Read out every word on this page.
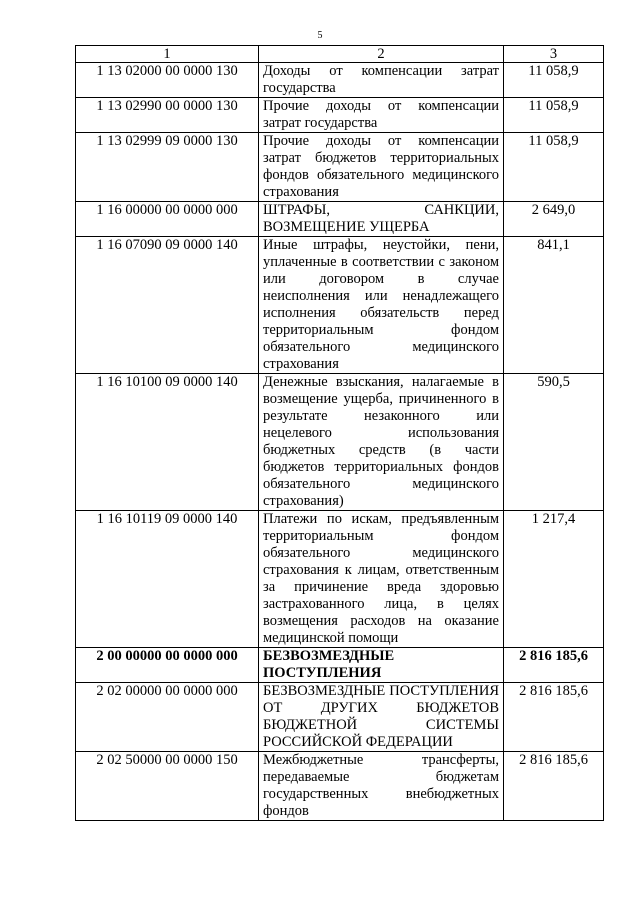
5
1	2	3
1 13 02000 00 0000 130	Доходы от компенсации затрат государства	11 058,9
1 13 02990 00 0000 130	Прочие доходы от компенсации затрат государства	11 058,9
1 13 02999 09 0000 130	Прочие доходы от компенсации затрат бюджетов территориальных фондов обязательного медицинского страхования	11 058,9
1 16 00000 00 0000 000	ШТРАФЫ, САНКЦИИ, ВОЗМЕЩЕНИЕ УЩЕРБА	2 649,0
1 16 07090 09 0000 140	Иные штрафы, неустойки, пени, уплаченные в соответствии с законом или договором в случае неисполнения или ненадлежащего исполнения обязательств перед территориальным фондом обязательного медицинского страхования	841,1
1 16 10100 09 0000 140	Денежные взыскания, налагаемые в возмещение ущерба, причиненного в результате незаконного или нецелевого использования бюджетных средств (в части бюджетов территориальных фондов обязательного медицинского страхования)	590,5
1 16 10119 09 0000 140	Платежи по искам, предъявленным территориальным фондом обязательного медицинского страхования к лицам, ответственным за причинение вреда здоровью застрахованного лица, в целях возмещения расходов на оказание медицинской помощи	1 217,4
2 00 00000 00 0000 000	БЕЗВОЗМЕЗДНЫЕ ПОСТУПЛЕНИЯ	2 816 185,6
2 02 00000 00 0000 000	БЕЗВОЗМЕЗДНЫЕ ПОСТУПЛЕНИЯ ОТ ДРУГИХ БЮДЖЕТОВ БЮДЖЕТНОЙ СИСТЕМЫ РОССИЙСКОЙ ФЕДЕРАЦИИ	2 816 185,6
2 02 50000 00 0000 150	Межбюджетные трансферты, передаваемые бюджетам государственных внебюджетных фондов	2 816 185,6
